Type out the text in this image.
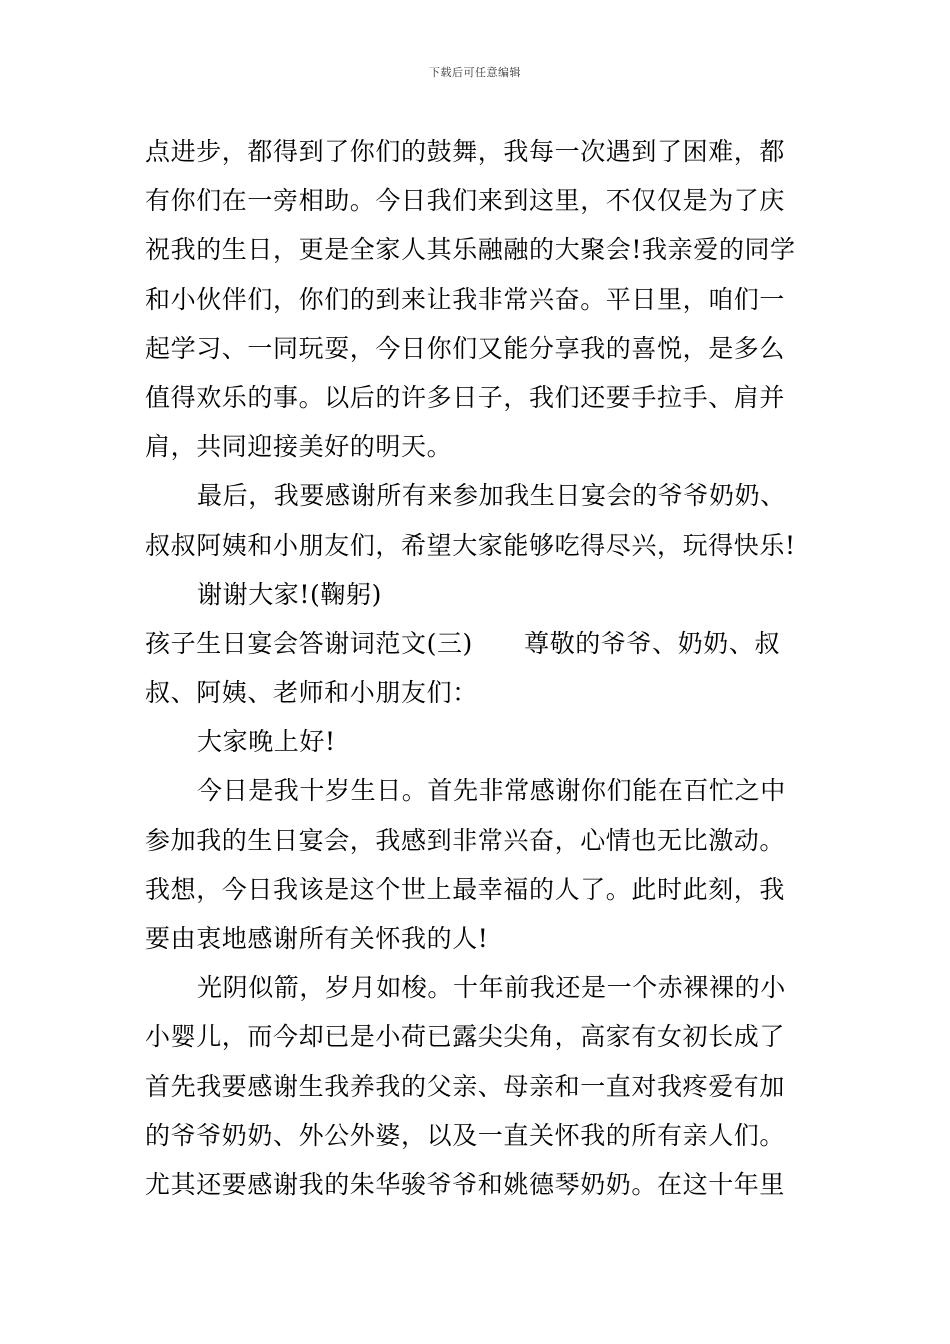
下载后可任意编辑
点进步，都得到了你们的鼓舞，我每一次遇到了困难，都
有你们在一旁相助。今日我们来到这里，不仅仅是为了庆
祝我的生日，更是全家人其乐融融的大聚会!我亲爱的同学
和小伙伴们，你们的到来让我非常兴奋。平日里，咱们一
起学习、一同玩耍，今日你们又能分享我的喜悦，是多么
值得欢乐的事。以后的许多日子，我们还要手拉手、肩并
肩，共同迎接美好的明天。
最后，我要感谢所有来参加我生日宴会的爷爷奶奶、
叔叔阿姨和小朋友们，希望大家能够吃得尽兴，玩得快乐!
谢谢大家!(鞠躬)
孩子生日宴会答谢词范文(三)　　尊敬的爷爷、奶奶、叔
叔、阿姨、老师和小朋友们：
大家晚上好!
今日是我十岁生日。首先非常感谢你们能在百忙之中
参加我的生日宴会，我感到非常兴奋，心情也无比激动。
我想，今日我该是这个世上最幸福的人了。此时此刻，我
要由衷地感谢所有关怀我的人!
光阴似箭，岁月如梭。十年前我还是一个赤裸裸的小
小婴儿，而今却已是小荷已露尖尖角，高家有女初长成了
首先我要感谢生我养我的父亲、母亲和一直对我疼爱有加
的爷爷奶奶、外公外婆，以及一直关怀我的所有亲人们。
尤其还要感谢我的朱华骏爷爷和姚德琴奶奶。在这十年里
